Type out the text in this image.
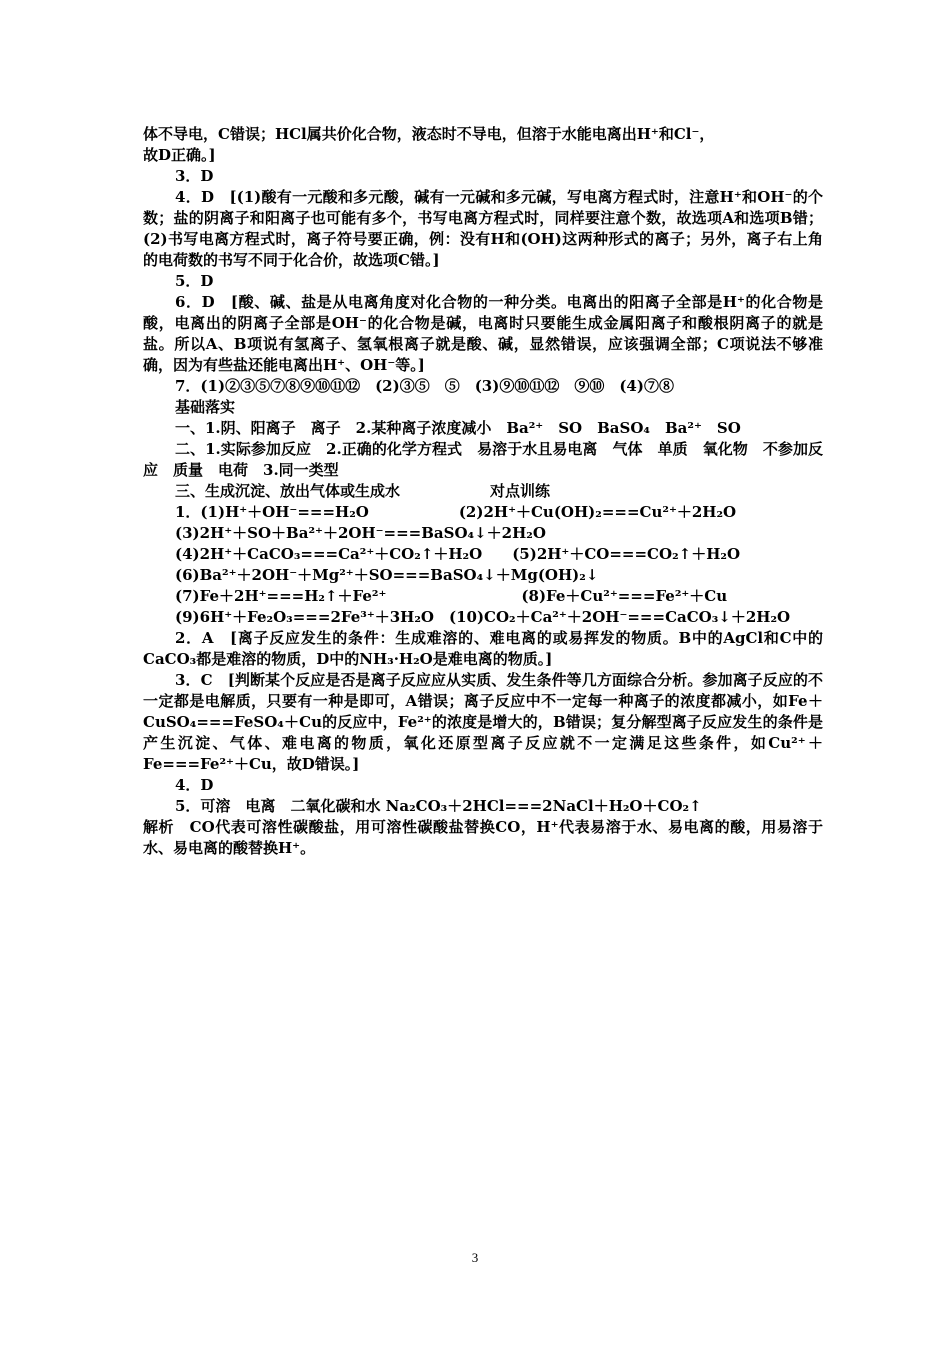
体不导电，C错误；HCl属共价化合物，液态时不导电，但溶于水能电离出H⁺和Cl⁻，
故D正确。]
3．D
4．D　[(1)酸有一元酸和多元酸，碱有一元碱和多元碱，写电离方程式时，注意H⁺和OH⁻的个数；盐的阴离子和阳离子也可能有多个，书写电离方程式时，同样要注意个数，故选项A和选项B错；(2)书写电离方程式时，离子符号要正确，例：没有H和(OH)这两种形式的离子；另外，离子右上角的电荷数的书写不同于化合价，故选项C错。]
5．D
6．D　[酸、碱、盐是从电离角度对化合物的一种分类。电离出的阳离子全部是H⁺的化合物是酸，电离出的阴离子全部是OH⁻的化合物是碱，电离时只要能生成金属阳离子和酸根阴离子的就是盐。所以A、B项说有氢离子、氢氧根离子就是酸、碱，显然错误，应该强调全部；C项说法不够准确，因为有些盐还能电离出H⁺、OH⁻等。]
7．(1)②③⑤⑦⑧⑨⑩⑪⑫　(2)③⑤　⑤　(3)⑨⑩⑪⑫　⑨⑩　(4)⑦⑧
基础落实
一、1.阴、阳离子　离子　2.某种离子浓度减小　Ba²⁺　SO　BaSO₄　Ba²⁺　SO
二、1.实际参加反应　2.正确的化学方程式　易溶于水且易电离　气体　单质　氧化物　不参加反应　质量　电荷　3.同一类型
三、生成沉淀、放出气体或生成水　　　　　　对点训练
1．(1)H⁺＋OH⁻===H₂O　　　　　　(2)2H⁺＋Cu(OH)₂===Cu²⁺＋2H₂O
(3)2H⁺＋SO＋Ba²⁺＋2OH⁻===BaSO₄↓＋2H₂O
(4)2H⁺＋CaCO₃===Ca²⁺＋CO₂↑＋H₂O　　(5)2H⁺＋CO===CO₂↑＋H₂O
(6)Ba²⁺＋2OH⁻＋Mg²⁺＋SO===BaSO₄↓＋Mg(OH)₂↓
(7)Fe＋2H⁺===H₂↑＋Fe²⁺　　　　　　　　　(8)Fe＋Cu²⁺===Fe²⁺＋Cu
(9)6H⁺＋Fe₂O₃===2Fe³⁺＋3H₂O　(10)CO₂＋Ca²⁺＋2OH⁻===CaCO₃↓＋2H₂O
2．A　[离子反应发生的条件：生成难溶的、难电离的或易挥发的物质。B中的AgCl和C中的CaCO₃都是难溶的物质，D中的NH₃·H₂O是难电离的物质。]
3．C　[判断某个反应是否是离子反应应从实质、发生条件等几方面综合分析。参加离子反应的不一定都是电解质，只要有一种是即可，A错误；离子反应中不一定每一种离子的浓度都减小，如Fe＋CuSO₄===FeSO₄＋Cu的反应中，Fe²⁺的浓度是增大的，B错误；复分解型离子反应发生的条件是产生沉淀、气体、难电离的物质，氧化还原型离子反应就不一定满足这些条件，如Cu²⁺＋Fe===Fe²⁺＋Cu，故D错误。]
4．D
5．可溶　电离　二氧化碳和水 Na₂CO₃＋2HCl===2NaCl＋H₂O＋CO₂↑
解析　CO代表可溶性碳酸盐，用可溶性碳酸盐替换CO，H⁺代表易溶于水、易电离的酸，用易溶于水、易电离的酸替换H⁺。
3
